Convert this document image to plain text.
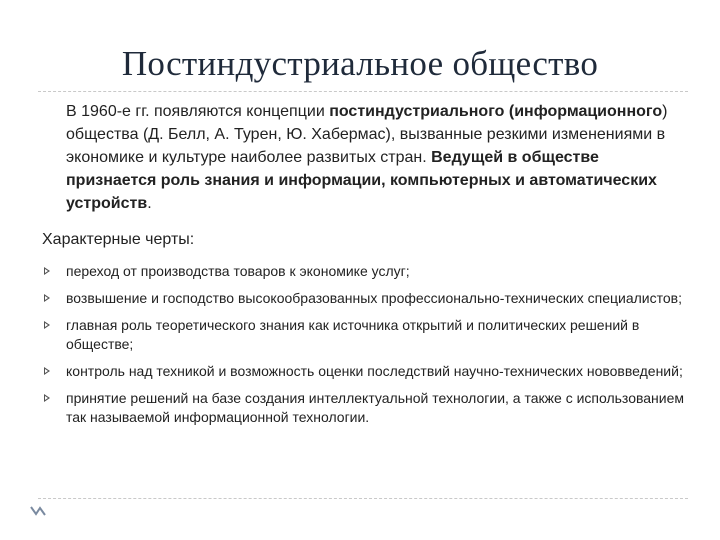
Постиндустриальное общество
В 1960-е гг. появляются концепции постиндустриального (информационного) общества (Д. Белл, А. Турен, Ю. Хабермас), вызванные резкими изменениями в экономике и культуре наиболее развитых стран. Ведущей в обществе признается роль знания и информации, компьютерных и автоматических устройств.
Характерные черты:
переход от производства товаров к экономике услуг;
возвышение и господство высокообразованных профессионально-технических специалистов;
главная роль теоретического знания как источника открытий и политических решений в обществе;
контроль над техникой и возможность оценки последствий научно-технических нововведений;
принятие решений на базе создания интеллектуальной технологии, а также с использованием так называемой информационной технологии.
